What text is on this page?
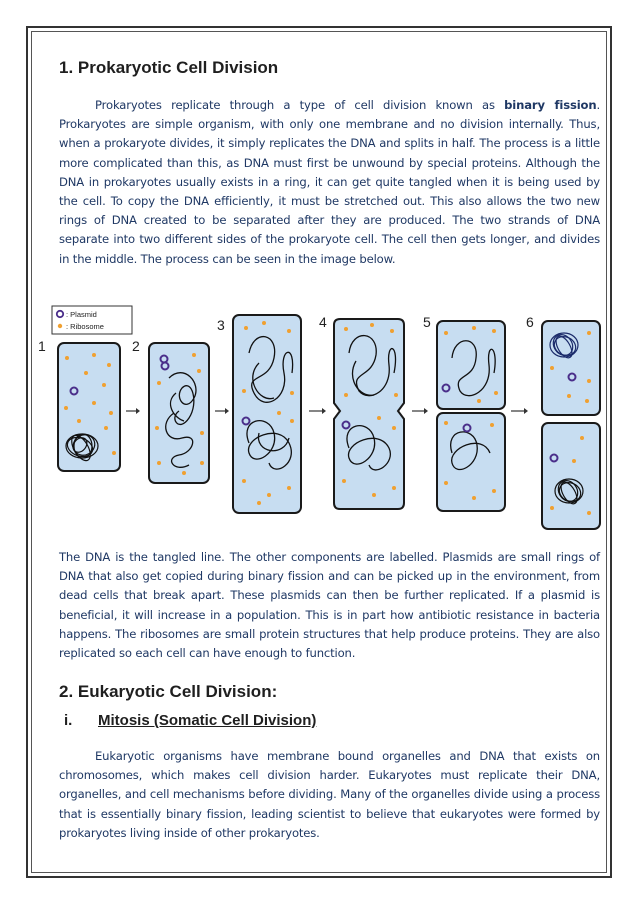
1. Prokaryotic Cell Division

Prokaryotes replicate through a type of cell division known as binary fission. Prokaryotes are simple organism, with only one membrane and no division internally. Thus, when a prokaryote divides, it simply replicates the DNA and splits in half. The process is a little more complicated than this, as DNA must first be unwound by special proteins. Although the DNA in prokaryotes usually exists in a ring, it can get quite tangled when it is being used by the cell. To copy the DNA efficiently, it must be stretched out. This also allows the two new rings of DNA created to be separated after they are produced. The two strands of DNA separate into two different sides of the prokaryote cell. The cell then gets longer, and divides in the middle. The process can be seen in the image below.

: Plasmid
: Ribosome
1	2
3	4	5	6

The DNA is the tangled line. The other components are labelled. Plasmids are small rings of DNA that also get copied during binary fission and can be picked up in the environment, from dead cells that break apart. These plasmids can then be further replicated. If a plasmid is beneficial, it will increase in a population. This is in part how antibiotic resistance in bacteria happens. The ribosomes are small protein structures that help produce proteins. They are also replicated so each cell can have enough to function.

2. Eukaryotic Cell Division:
i.	Mitosis (Somatic Cell Division)

Eukaryotic organisms have membrane bound organelles and DNA that exists on chromosomes, which makes cell division harder. Eukaryotes must replicate their DNA, organelles, and cell mechanisms before dividing. Many of the organelles divide using a process that is essentially binary fission, leading scientist to believe that eukaryotes were formed by prokaryotes living inside of other prokaryotes.
